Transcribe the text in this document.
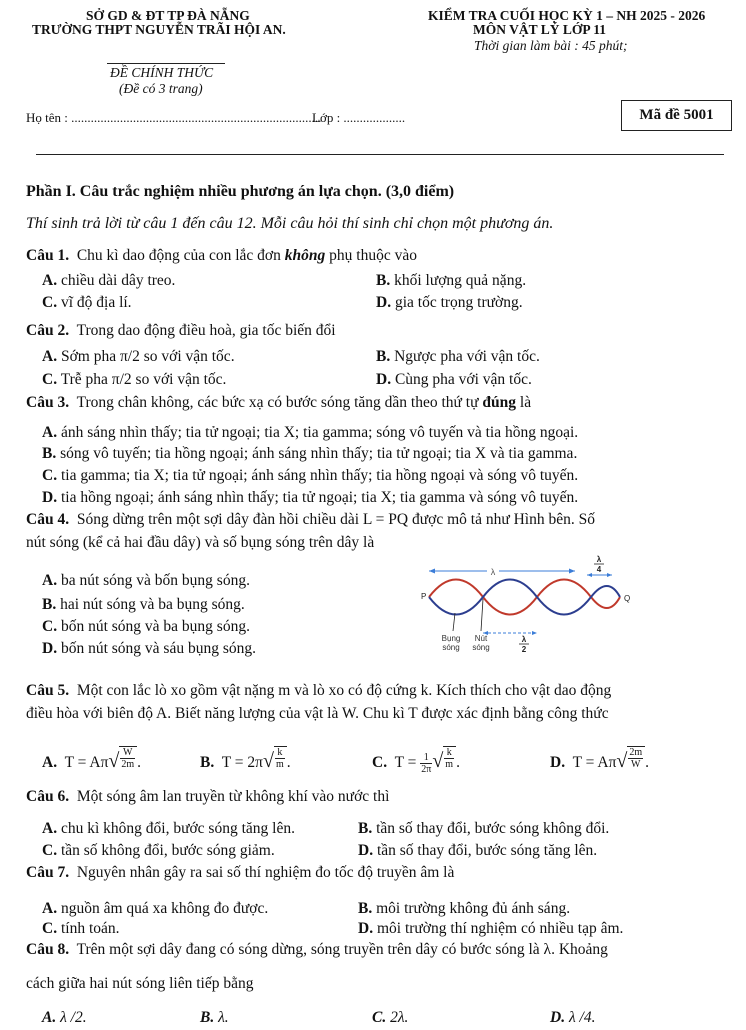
SỞ GD & ĐT TP ĐÀ NẴNG
TRƯỜNG THPT NGUYỄN TRÃI HỘI AN.
KIỂM TRA CUỐI HỌC KỲ 1 – NH 2025 - 2026
MÔN VẬT LÝ LỚP 11
Thời gian làm bài : 45 phút;
ĐỀ CHÍNH THỨC
(Đề có 3 trang)
Họ tên : .............................................................................
Lớp : ...................	Mã đề 5001
Phần I. Câu trắc nghiệm nhiều phương án lựa chọn. (3,0 điểm)
Thí sinh trả lời từ câu 1 đến câu 12. Mỗi câu hỏi thí sinh chỉ chọn một phương án.
Câu 1. Chu kì dao động của con lắc đơn không phụ thuộc vào
A. chiều dài dây treo.	B. khối lượng quả nặng.
C. vĩ độ địa lí.	D. gia tốc trọng trường.
Câu 2. Trong dao động điều hoà, gia tốc biến đổi
A. Sớm pha π/2 so với vận tốc.	B. Ngược pha với vận tốc.
C. Trễ pha π/2 so với vận tốc.	D. Cùng pha với vận tốc.
Câu 3. Trong chân không, các bức xạ có bước sóng tăng dần theo thứ tự đúng là
A. ánh sáng nhìn thấy; tia tử ngoại; tia X; tia gamma; sóng vô tuyến và tia hồng ngoại.
B. sóng vô tuyến; tia hồng ngoại; ánh sáng nhìn thấy; tia tử ngoại; tia X và tia gamma.
C. tia gamma; tia X; tia tử ngoại; ánh sáng nhìn thấy; tia hồng ngoại và sóng vô tuyến.
D. tia hồng ngoại; ánh sáng nhìn thấy; tia tử ngoại; tia X; tia gamma và sóng vô tuyến.
Câu 4. Sóng dừng trên một sợi dây đàn hồi chiều dài L = PQ được mô tả như Hình bên. Số
nút sóng (kể cả hai đầu dây) và số bụng sóng trên dây là
A. ba nút sóng và bốn bụng sóng.
B. hai nút sóng và ba bụng sóng.
C. bốn nút sóng và ba bụng sóng.
D. bốn nút sóng và sáu bụng sóng.
λ
λ
4
P	Q
Bụng
sóng
Nút
sóng
λ
2
Câu 5. Một con lắc lò xo gồm vật nặng m và lò xo có độ cứng k. Kích thích cho vật dao động
điều hòa với biên độ A. Biết năng lượng của vật là W. Chu kì T được xác định bằng công thức
A. $T = A\pi√ \frac{W}{2m}$ .	B. $T = 2\pi√ \frac{k}{m}$ .	C. $T = \frac{1}{2\pi}$ √ $\frac{k}{m}$ .	D. $T = A\pi√ \frac{2m}{W}$ .
Câu 6. Một sóng âm lan truyền từ không khí vào nước thì
A. chu kì không đổi, bước sóng tăng lên.	B. tần số thay đổi, bước sóng không đổi.
C. tần số không đổi, bước sóng giảm.	D. tần số thay đổi, bước sóng tăng lên.
Câu 7. Nguyên nhân gây ra sai số thí nghiệm đo tốc độ truyền âm là
A. nguồn âm quá xa không đo được.	B. môi trường không đủ ánh sáng.
C. tính toán.	D. môi trường thí nghiệm có nhiều tạp âm.
Câu 8. Trên một sợi dây đang có sóng dừng, sóng truyền trên dây có bước sóng là λ. Khoảng
cách giữa hai nút sóng liên tiếp bằng
A. λ /2.	B. λ.	C. 2λ.	D. λ /4.
